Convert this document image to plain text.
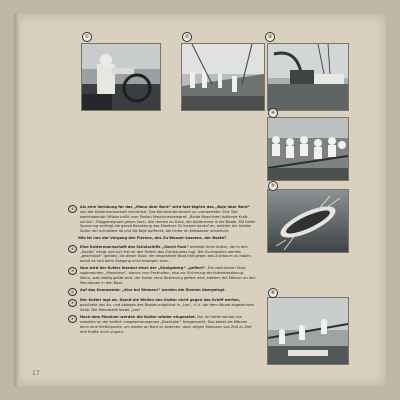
①	②	③
④
⑤
⑥
①
Als eine Vorübung für das „Mann über Bord“ wird fast täglich das „Boje über Bord“ von der Kuttermannschaft verzierlert. Das Kommando kommt zu unerwarteter Zeit. Der wachhabende Offizier brüllt zum Posten Maschinentelegraf: „Beide Maschinen äußerste Kraft zurück“. Flaggensignale gehen hoch, alle rennen an Deck, die Kutterrcrew in die Boote. Mit heller Spannung verfolgt die ganze Besatzung das Manöver. Es kommt darauf an, welcher der beiden Kutter der schnellere ist und die Boje auffischt, die hinter im Kielwasser schwimmt.
Wie ist nun der Vorgang des Fierens, des Zu-Wasser-Lassens, der Boote?
②
Eine Kuttermannschaft des Schulschiffs „Gorch Fock“ besteigt ihren Kutter, der in den „Davits“ hängt und sich frei an den Pollern des Zurrbaumes lagt. Die Zurrbrooken werden „geschlippt“ (gelöst), bis dieser Boot, der eingesetzte Boot hält gegen das Zurrbaum zu hoben, damit es sich beim Seegang nicht bewegen kann.
③
Nun wird der Kutter klarmal einer der „Königsberg“ „gefiert“. Die zahlreichen Taue, sogenannten „Manntaue“, dienen zum Festhalten, also zur Sicherung der Kutterbesatzung. Wenn, was häufig geübt wird, der Kutter ohne Besetzung gefiert wird, klettern die Männer an den Manntauen in den Boot.
④
Auf das Kommando: „Klar bei Riemen!“ werden die Riemen übergelegt.
⑤
Der Kutter legt ab. Damit die Wellen den Kutter nicht gegen das Schiff werfen, geschieht das An- und Ablegen des Bootes möglichst in „Lee“, d. h. der dem Winde abgekehrten Seite. Die Wendwelle bietet „Lee“.
⑥
Noch dem Manöver werden die Kutter wieder eingesetzt. Nur im Hafen werden sie zuweilen an der seitlich ausgeschwungenen „Backspier“ festgemacht. Das bietet die Männer dann eine Kletterpartie, um wieder an Bord zu kommen; doch zeigen Matrosen von Zeit zu Zeit ihre Kräfte nicht ungern.
17
